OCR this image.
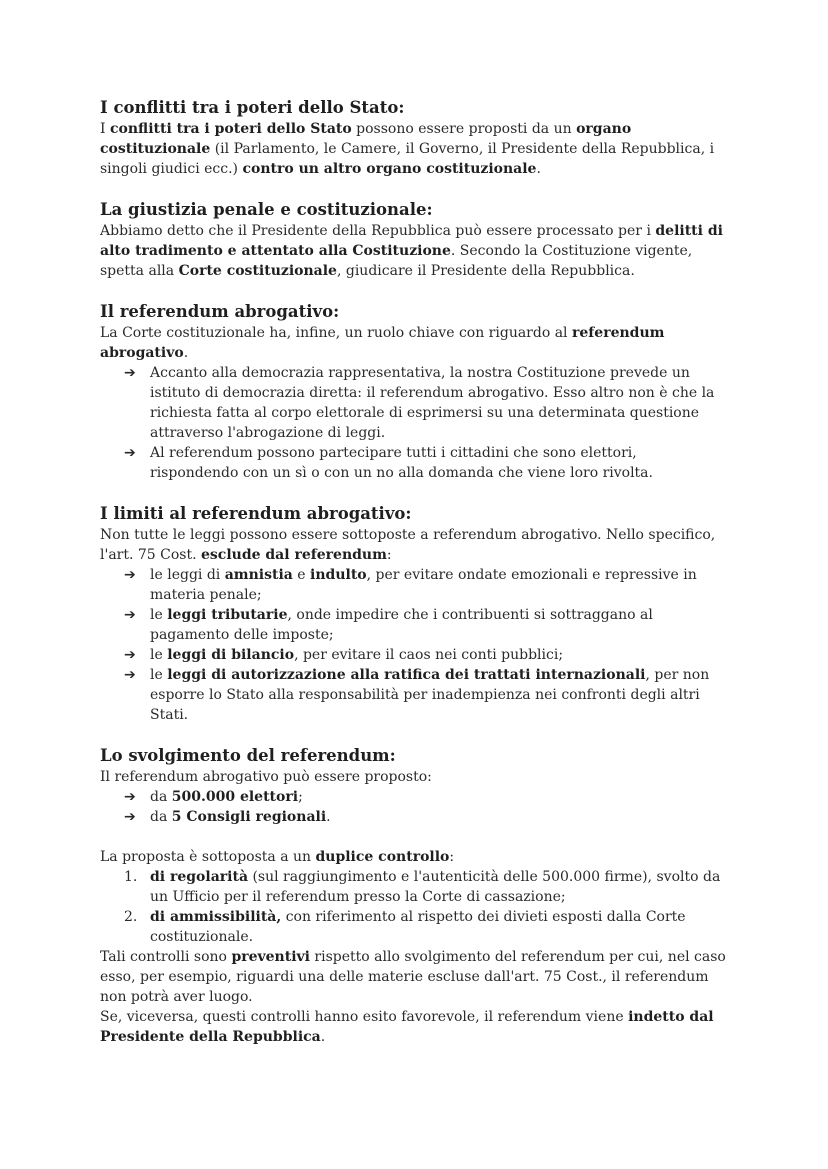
I conflitti tra i poteri dello Stato:

I conflitti tra i poteri dello Stato possono essere proposti da un organo costituzionale (il Parlamento, le Camere, il Governo, il Presidente della Repubblica, i singoli giudici ecc.) contro un altro organo costituzionale.

La giustizia penale e costituzionale:

Abbiamo detto che il Presidente della Repubblica può essere processato per i delitti di alto tradimento e attentato alla Costituzione. Secondo la Costituzione vigente, spetta alla Corte costituzionale, giudicare il Presidente della Repubblica.

Il referendum abrogativo:

La Corte costituzionale ha, infine, un ruolo chiave con riguardo al referendum abrogativo.

➔ Accanto alla democrazia rappresentativa, la nostra Costituzione prevede un istituto di democrazia diretta: il referendum abrogativo. Esso altro non è che la richiesta fatta al corpo elettorale di esprimersi su una determinata questione attraverso l'abrogazione di leggi.
➔ Al referendum possono partecipare tutti i cittadini che sono elettori, rispondendo con un sì o con un no alla domanda che viene loro rivolta.
I limiti al referendum abrogativo:

Non tutte le leggi possono essere sottoposte a referendum abrogativo. Nello specifico, l'art. 75 Cost. esclude dal referendum:

➔ le leggi di amnistia e indulto, per evitare ondate emozionali e repressive in materia penale;
➔ le leggi tributarie, onde impedire che i contribuenti si sottraggano al pagamento delle imposte;
➔ le leggi di bilancio, per evitare il caos nei conti pubblici;
➔ le leggi di autorizzazione alla ratifica dei trattati internazionali, per non esporre lo Stato alla responsabilità per inadempienza nei confronti degli altri Stati.
Lo svolgimento del referendum:

Il referendum abrogativo può essere proposto:

➔ da 500.000 elettori;
➔ da 5 Consigli regionali.

La proposta è sottoposta a un duplice controllo:

1. di regolarità (sul raggiungimento e l'autenticità delle 500.000 firme), svolto da un Ufficio per il referendum presso la Corte di cassazione;
2. di ammissibilità, con riferimento al rispetto dei divieti esposti dalla Corte costituzionale.

Tali controlli sono preventivi rispetto allo svolgimento del referendum per cui, nel caso esso, per esempio, riguardi una delle materie escluse dall'art. 75 Cost., il referendum non potrà aver luogo.

Se, viceversa, questi controlli hanno esito favorevole, il referendum viene indetto dal Presidente della Repubblica.
